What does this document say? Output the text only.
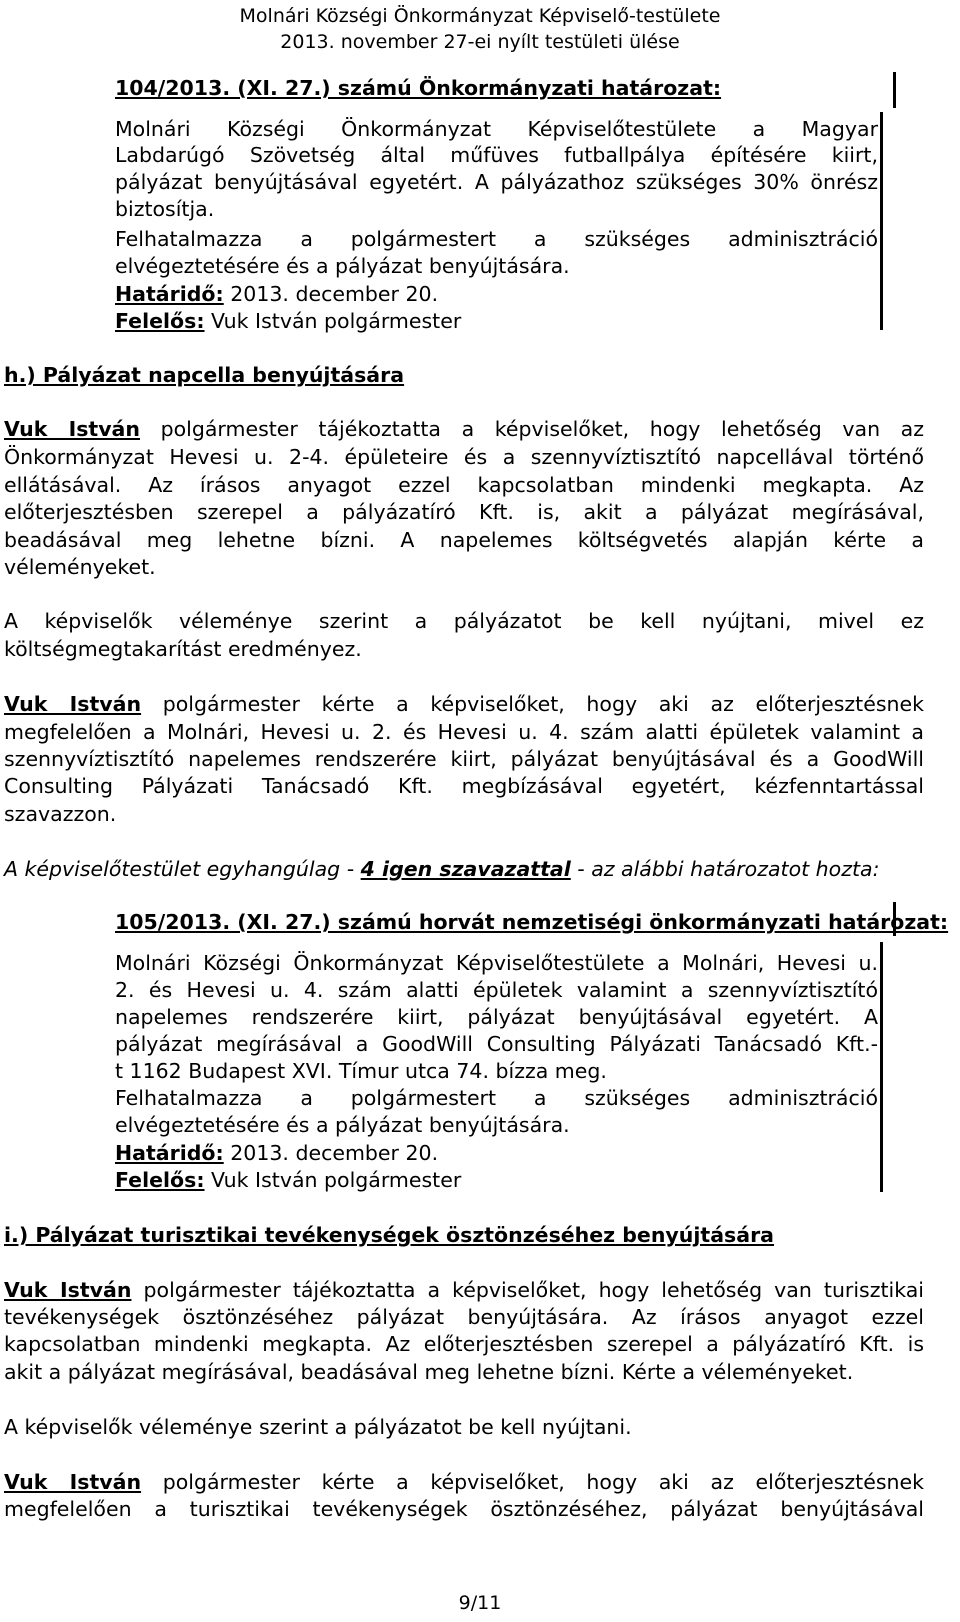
Molnári Községi Önkormányzat Képviselő-testülete
2013. november 27-ei nyílt testületi ülése
104/2013. (XI. 27.) számú Önkormányzati határozat:
Molnári Községi Önkormányzat Képviselőtestülete a Magyar
Labdarúgó Szövetség által műfüves futballpálya építésére kiirt,
pályázat benyújtásával egyetért. A pályázathoz szükséges 30% önrész
biztosítja.
Felhatalmazza a polgármestert a szükséges adminisztráció
elvégeztetésére és a pályázat benyújtására.
Határidő: 2013. december 20.
Felelős: Vuk István polgármester
h.) Pályázat napcella benyújtására
Vuk István polgármester tájékoztatta a képviselőket, hogy lehetőség van az
Önkormányzat Hevesi u. 2-4. épületeire és a szennyvíztisztító napcellával történő
ellátásával. Az írásos anyagot ezzel kapcsolatban mindenki megkapta. Az
előterjesztésben szerepel a pályázatíró Kft. is, akit a pályázat megírásával,
beadásával meg lehetne bízni. A napelemes költségvetés alapján kérte a
véleményeket.
A képviselők véleménye szerint a pályázatot be kell nyújtani, mivel ez
költségmegtakarítást eredményez.
Vuk István polgármester kérte a képviselőket, hogy aki az előterjesztésnek
megfelelően a Molnári, Hevesi u. 2. és Hevesi u. 4. szám alatti épületek valamint a
szennyvíztisztító napelemes rendszerére kiirt, pályázat benyújtásával és a GoodWill
Consulting Pályázati Tanácsadó Kft. megbízásával egyetért, kézfenntartással
szavazzon.
A képviselőtestület egyhangúlag - 4 igen szavazattal - az alábbi határozatot hozta:
105/2013. (XI. 27.) számú horvát nemzetiségi önkormányzati határozat:
Molnári Községi Önkormányzat Képviselőtestülete a Molnári, Hevesi u.
2. és Hevesi u. 4. szám alatti épületek valamint a szennyvíztisztító
napelemes rendszerére kiirt, pályázat benyújtásával egyetért. A
pályázat megírásával a GoodWill Consulting Pályázati Tanácsadó Kft.-
t 1162 Budapest XVI. Tímur utca 74. bízza meg.
Felhatalmazza a polgármestert a szükséges adminisztráció
elvégeztetésére és a pályázat benyújtására.
Határidő: 2013. december 20.
Felelős: Vuk István polgármester
i.) Pályázat turisztikai tevékenységek ösztönzéséhez benyújtására
Vuk István polgármester tájékoztatta a képviselőket, hogy lehetőség van turisztikai
tevékenységek ösztönzéséhez pályázat benyújtására. Az írásos anyagot ezzel
kapcsolatban mindenki megkapta. Az előterjesztésben szerepel a pályázatíró Kft. is
akit a pályázat megírásával, beadásával meg lehetne bízni. Kérte a véleményeket.
A képviselők véleménye szerint a pályázatot be kell nyújtani.
Vuk István polgármester kérte a képviselőket, hogy aki az előterjesztésnek
megfelelően a turisztikai tevékenységek ösztönzéséhez, pályázat benyújtásával
9/11
